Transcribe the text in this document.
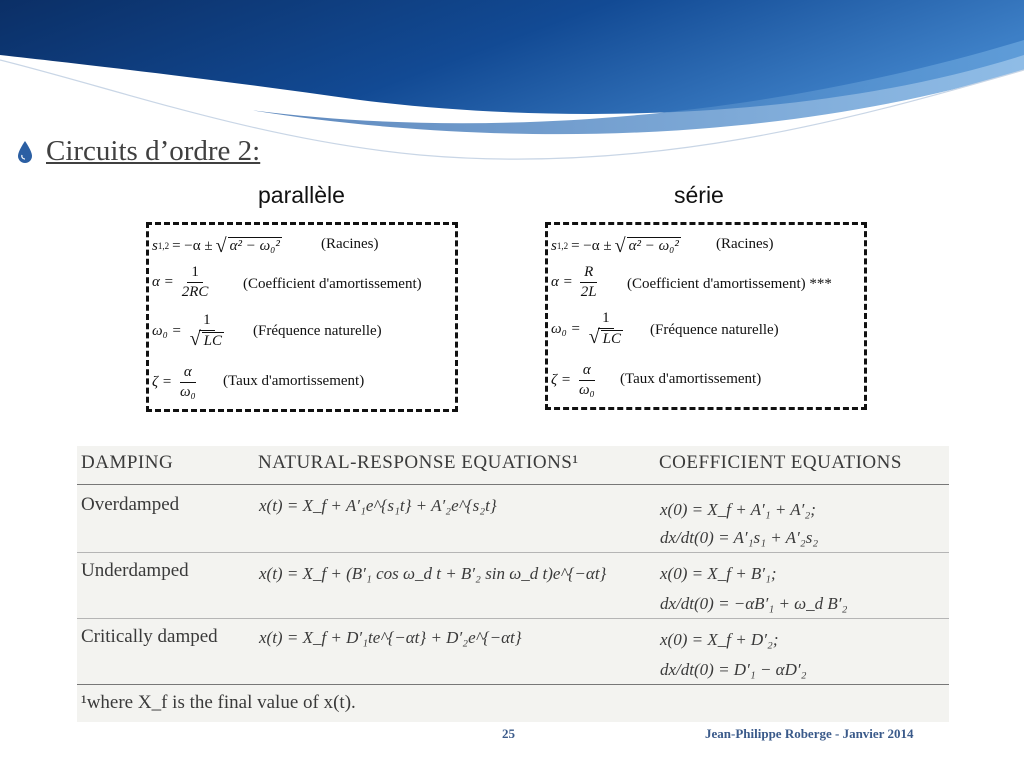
Circuits d’ordre 2:
parallèle	série
s 1,2 = −α ± √ α² − ω₀²	(Racines)
$\alpha = \frac{1}{2RC}$ (Coefficient d'amortissement)
$\omega_0 = \frac{1}{√ LC}$ (Fréquence naturelle)
$\zeta = \frac{\alpha}{\text{ω₀}}$ (Taux d'amortissement)
s 1,2 = −α ± √ α² − ω₀² (Racines)
$\alpha = \frac{R}{2L}$ (Coefficient d'amortissement) ***
$\omega_0 = \frac{1}{√ LC}$ (Fréquence naturelle)
$\zeta = \frac{\alpha}{\text{ω₀}}$ (Taux d'amortissement)
DAMPING	NATURAL-RESPONSE EQUATIONS¹	COEFFICIENT EQUATIONS
Overdamped	x(t) = X_f + A′₁e^{s₁t} + A′₂e^{s₂t}	x(0) = X_f + A′₁ + A′₂;
dx/dt(0) = A′₁s₁ + A′₂s₂
Underdamped	x(t) = X_f + (B′₁ cos ω_d t + B′₂ sin ω_d t)e^{−αt}	x(0) = X_f + B′₁;
dx/dt(0) = −αB′₁ + ω_d B′₂
Critically damped x(t) = X_f + D′₁te^{−αt} + D′₂e^{−αt}	x(0) = X_f + D′₂;
dx/dt(0) = D′₁ − αD′₂
¹where X_f is the final value of x(t).
25	Jean-Philippe Roberge - Janvier 2014
